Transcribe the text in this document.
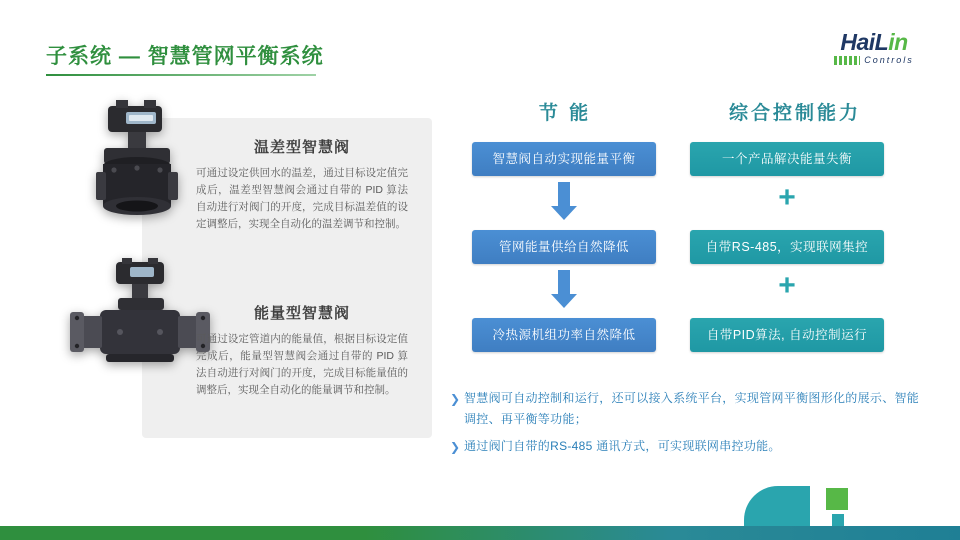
子系统 — 智慧管网平衡系统
HaiLin
Controls
温差型智慧阀
可通过设定供回水的温差，通过目标设定值完成后，温差型智慧阀会通过自带的 PID 算法自动进行对阀门的开度，完成目标温差值的设定调整后，实现全自动化的温差调节和控制。
能量型智慧阀
可通过设定管道内的能量值，根据目标设定值完成后，能量型智慧阀会通过自带的 PID 算法自动进行对阀门的开度，完成目标能量值的调整后，实现全自动化的能量调节和控制。
节 能	综合控制能力
智慧阀自动实现能量平衡
管网能量供给自然降低
冷热源机组功率自然降低
一个产品解决能量失衡
+
自带RS-485，实现联网集控
+
自带PID算法, 自动控制运行
❯ 智慧阀可自动控制和运行，还可以接入系统平台，实现管网平衡图形化的展示、智能调控、再平衡等功能；
❯ 通过阀门自带的RS-485 通讯方式，可实现联网串控功能。
